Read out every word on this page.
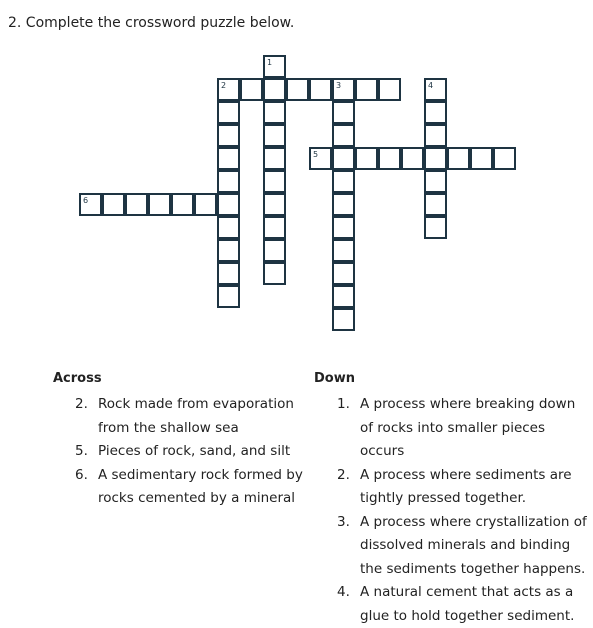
2. Complete the crossword puzzle below.
1
2	3	4
5
6
Across	Down
2. Rock made from evaporation from the shallow sea
5. Pieces of rock, sand, and silt
6. A sedimentary rock formed by rocks cemented by a mineral
1. A process where breaking down of rocks into smaller pieces occurs
2. A process where sediments are tightly pressed together.
3. A process where crystallization of dissolved minerals and binding the sediments together happens.
4. A natural cement that acts as a glue to hold together sediment.
